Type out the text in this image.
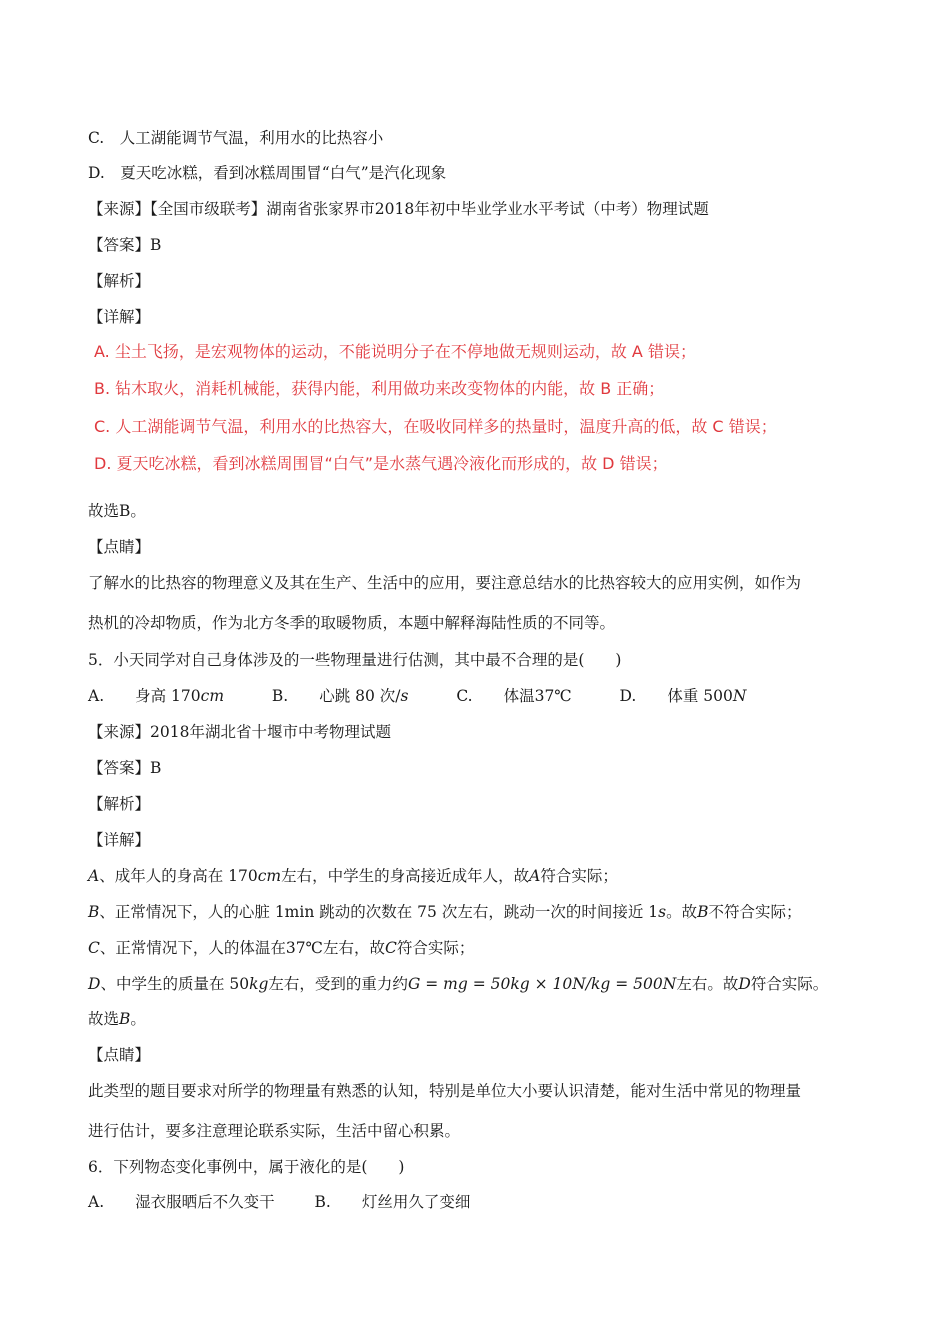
C.　人工湖能调节气温，利用水的比热容小
D.　夏天吃冰糕，看到冰糕周围冒“白气”是汽化现象
【来源】【全国市级联考】湖南省张家界市2018年初中毕业学业水平考试（中考）物理试题
【答案】B
【解析】
【详解】
A. 尘土飞扬，是宏观物体的运动，不能说明分子在不停地做无规则运动，故 A 错误；
B. 钻木取火，消耗机械能，获得内能，利用做功来改变物体的内能，故 B 正确；
C. 人工湖能调节气温，利用水的比热容大，在吸收同样多的热量时，温度升高的低，故 C 错误；
D. 夏天吃冰糕，看到冰糕周围冒“白气”是水蒸气遇冷液化而形成的，故 D 错误；
故选B。
【点睛】
了解水的比热容的物理意义及其在生产、生活中的应用，要注意总结水的比热容较大的应用实例，如作为
热机的冷却物质，作为北方冬季的取暖物质，本题中解释海陆性质的不同等。
5．小天同学对自己身体涉及的一些物理量进行估测，其中最不合理的是(　　)
A.　　身高 170cm	B.　　心跳 80 次/s	C.　　体温37℃	D.　　体重 500N
【来源】2018年湖北省十堰市中考物理试题
【答案】B
【解析】
【详解】
A、成年人的身高在 170cm左右，中学生的身高接近成年人，故A符合实际；
B、正常情况下，人的心脏 1min 跳动的次数在 75 次左右，跳动一次的时间接近 1s。故B不符合实际；
C、正常情况下，人的体温在37℃左右，故C符合实际；
D、中学生的质量在 50kg左右，受到的重力约G = mg = 50kg × 10N/kg = 500N左右。故D符合实际。
故选B。
【点睛】
此类型的题目要求对所学的物理量有熟悉的认知，特别是单位大小要认识清楚，能对生活中常见的物理量
进行估计，要多注意理论联系实际，生活中留心积累。
6．下列物态变化事例中，属于液化的是(　　)
A.　　湿衣服晒后不久变干	B.　　灯丝用久了变细
